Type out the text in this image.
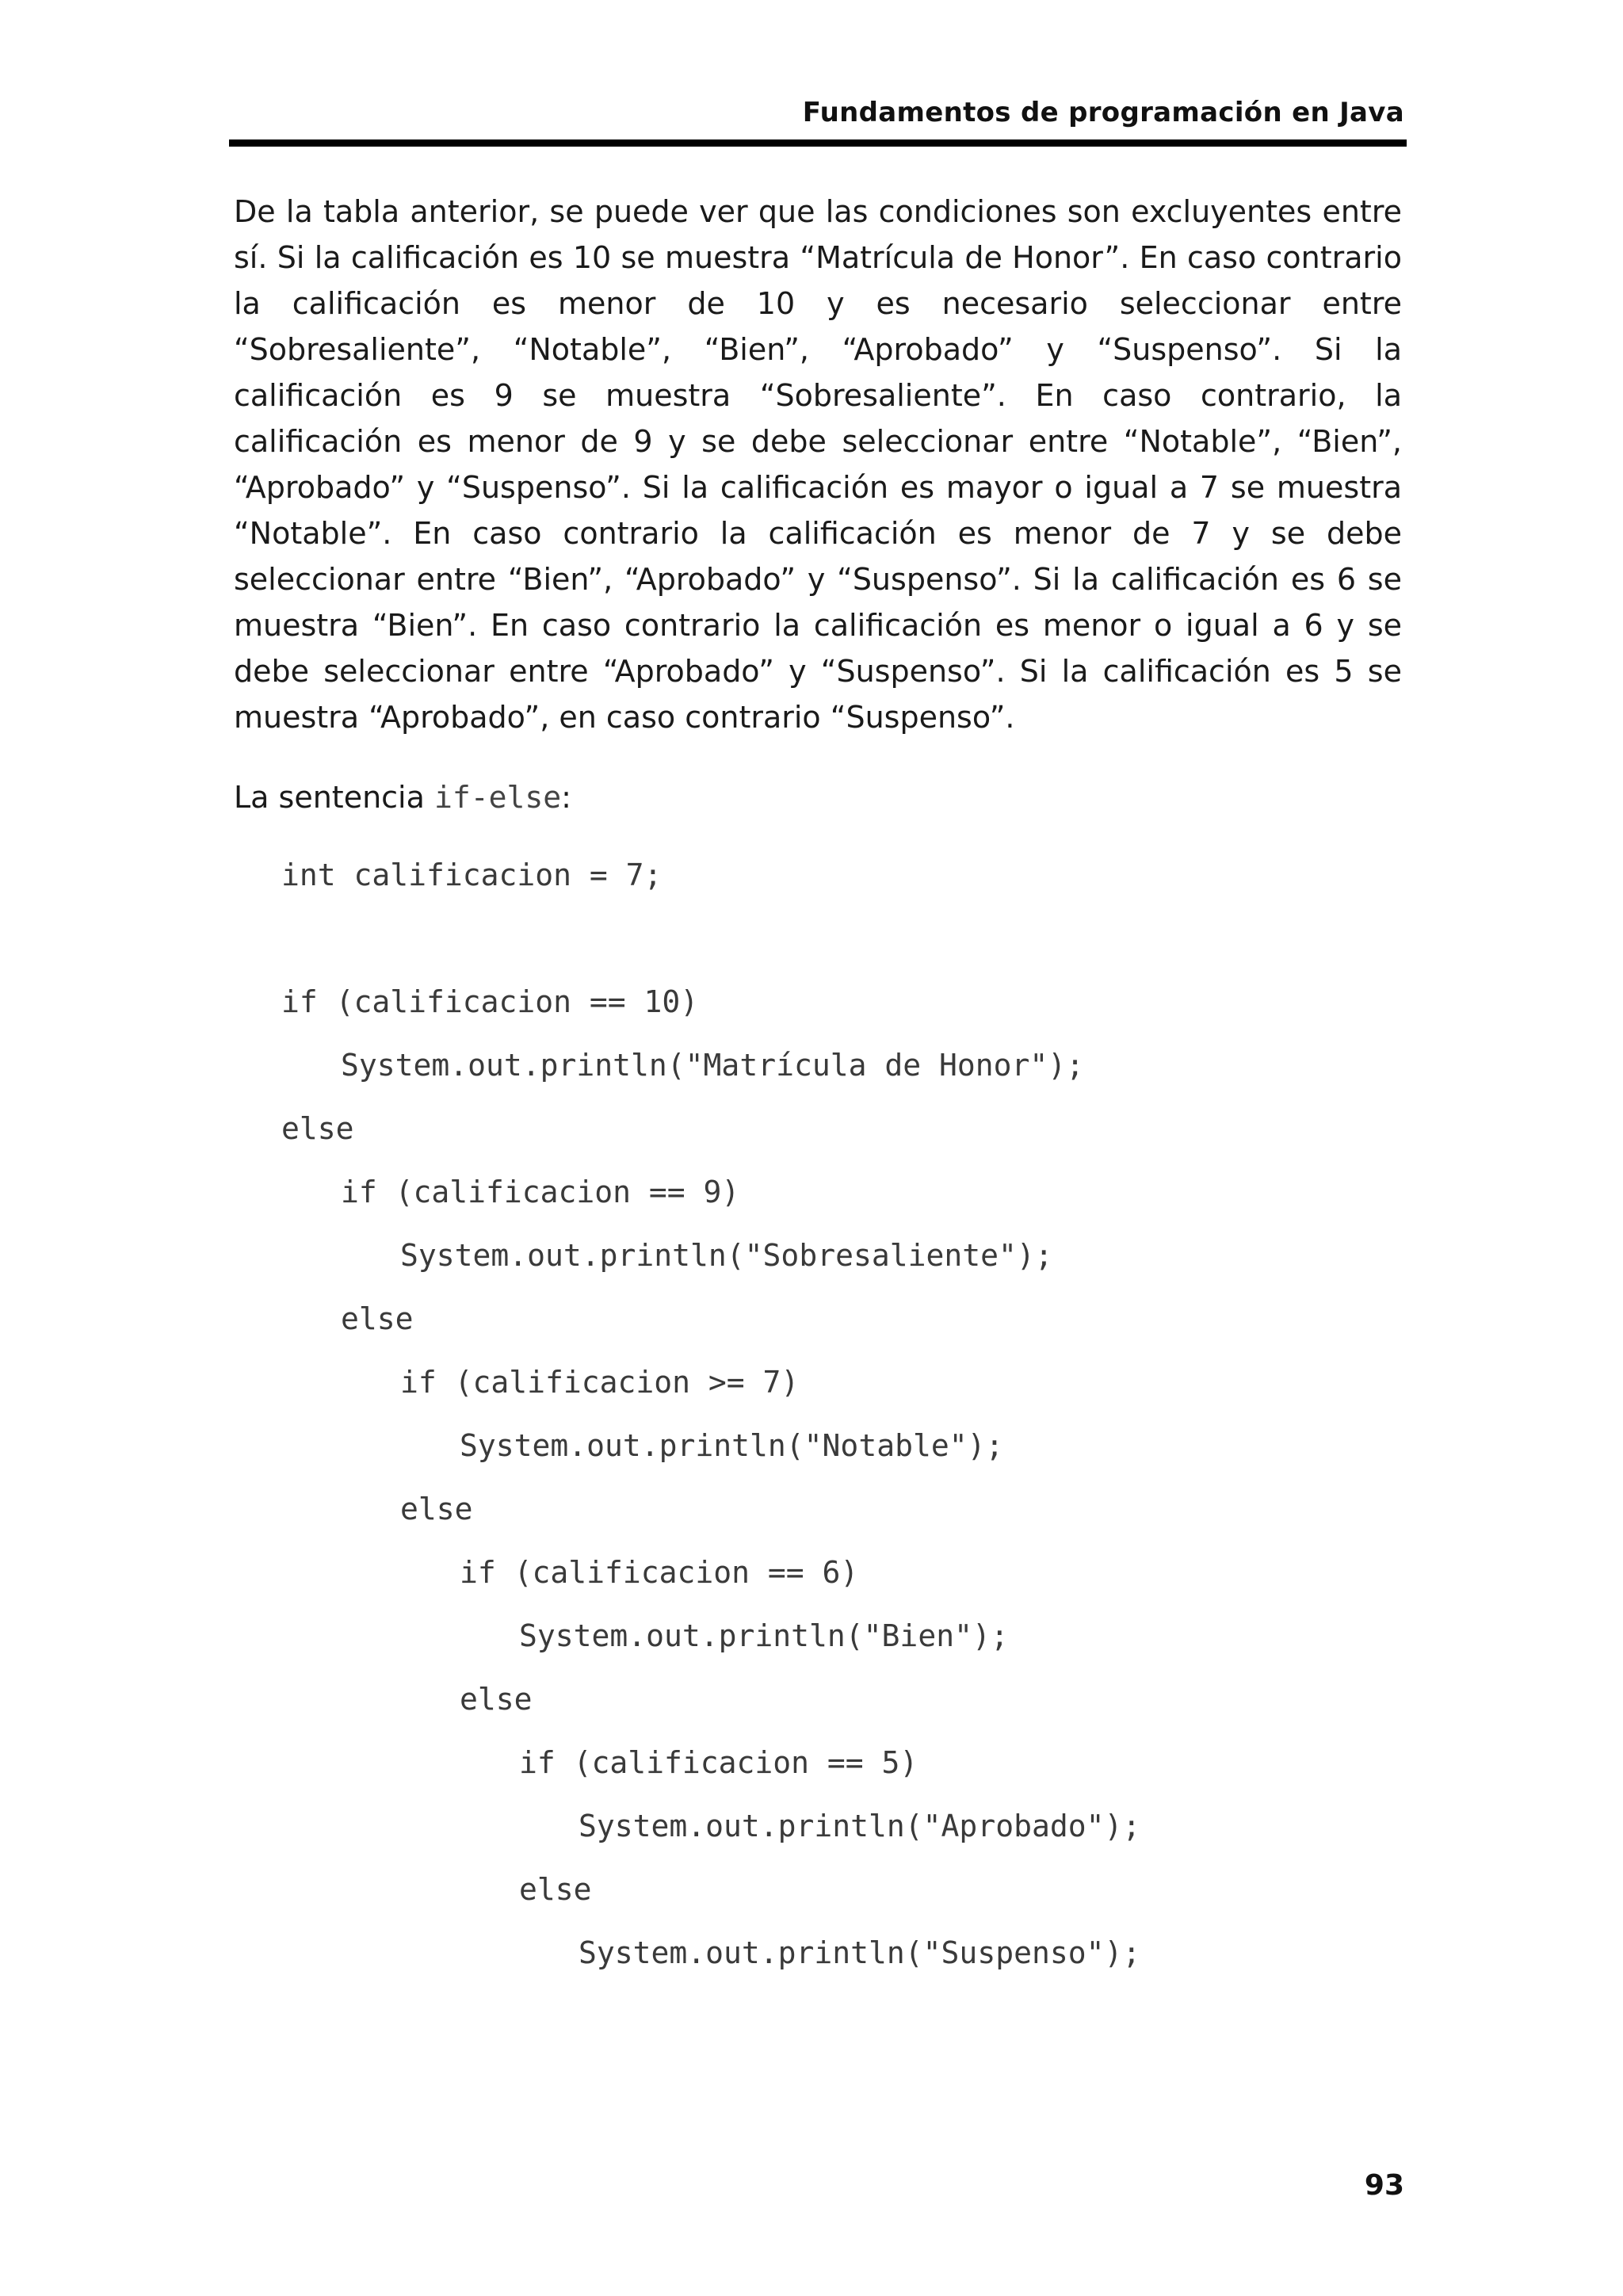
Fundamentos de programación en Java

De la tabla anterior, se puede ver que las condiciones son excluyentes entre sí. Si la calificación es 10 se muestra “Matrícula de Honor”. En caso contrario la calificación es menor de 10 y es necesario seleccionar entre “Sobresaliente”, “Notable”, “Bien”, “Aprobado” y “Suspenso”. Si la calificación es 9 se muestra “Sobresaliente”. En caso contrario, la calificación es menor de 9 y se debe seleccionar entre “Notable”, “Bien”, “Aprobado” y “Suspenso”. Si la calificación es mayor o igual a 7 se muestra “Notable”. En caso contrario la calificación es menor de 7 y se debe seleccionar entre “Bien”, “Aprobado” y “Suspenso”. Si la calificación es 6 se muestra “Bien”. En caso contrario la calificación es menor o igual a 6 y se debe seleccionar entre “Aprobado” y “Suspenso”. Si la calificación es 5 se muestra “Aprobado”, en caso contrario “Suspenso”.

La sentencia if-else:

int calificacion = 7;
if (calificacion == 10)
System.out.println("Matrícula de Honor");
else
if (calificacion == 9)
System.out.println("Sobresaliente");
else
if (calificacion >= 7)
System.out.println("Notable");
else
if (calificacion == 6)
System.out.println("Bien");
else
if (calificacion == 5)
System.out.println("Aprobado");
else
System.out.println("Suspenso");
93
